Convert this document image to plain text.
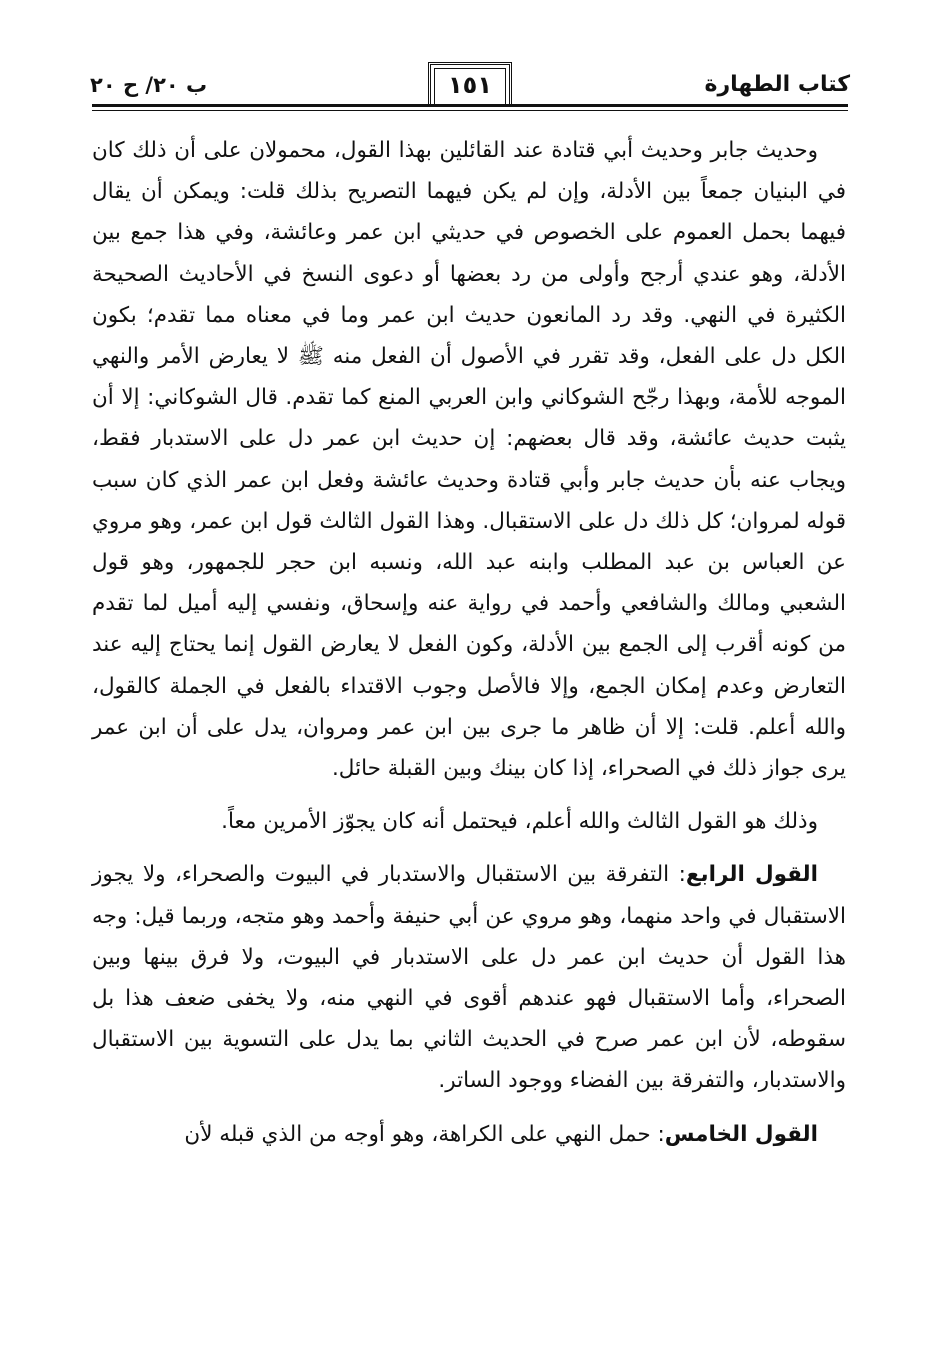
كتاب الطهارة
١٥١
ب ٢٠/ ح ٢٠

وحديث جابر وحديث أبي قتادة عند القائلين بهذا القول، محمولان على أن ذلك كان في البنيان جمعاً بين الأدلة، وإن لم يكن فيهما التصريح بذلك قلت: ويمكن أن يقال فيهما بحمل العموم على الخصوص في حديثي ابن عمر وعائشة، وفي هذا جمع بين الأدلة، وهو عندي أرجح وأولى من رد بعضها أو دعوى النسخ في الأحاديث الصحيحة الكثيرة في النهي. وقد رد المانعون حديث ابن عمر وما في معناه مما تقدم؛ بكون الكل دل على الفعل، وقد تقرر في الأصول أن الفعل منه ﷺ لا يعارض الأمر والنهي الموجه للأمة، وبهذا رجّح الشوكاني وابن العربي المنع كما تقدم. قال الشوكاني: إلا أن يثبت حديث عائشة، وقد قال بعضهم: إن حديث ابن عمر دل على الاستدبار فقط، ويجاب عنه بأن حديث جابر وأبي قتادة وحديث عائشة وفعل ابن عمر الذي كان سبب قوله لمروان؛ كل ذلك دل على الاستقبال. وهذا القول الثالث قول ابن عمر، وهو مروي عن العباس بن عبد المطلب وابنه عبد الله، ونسبه ابن حجر للجمهور، وهو قول الشعبي ومالك والشافعي وأحمد في رواية عنه وإسحاق، ونفسي إليه أميل لما تقدم من كونه أقرب إلى الجمع بين الأدلة، وكون الفعل لا يعارض القول إنما يحتاج إليه عند التعارض وعدم إمكان الجمع، وإلا فالأصل وجوب الاقتداء بالفعل في الجملة كالقول، والله أعلم. قلت: إلا أن ظاهر ما جرى بين ابن عمر ومروان، يدل على أن ابن عمر يرى جواز ذلك في الصحراء، إذا كان بينك وبين القبلة حائل.

وذلك هو القول الثالث والله أعلم، فيحتمل أنه كان يجوّز الأمرين معاً.

القول الرابع: التفرقة بين الاستقبال والاستدبار في البيوت والصحراء، ولا يجوز الاستقبال في واحد منهما، وهو مروي عن أبي حنيفة وأحمد وهو متجه، وربما قيل: وجه هذا القول أن حديث ابن عمر دل على الاستدبار في البيوت، ولا فرق بينها وبين الصحراء، وأما الاستقبال فهو عندهم أقوى في النهي منه، ولا يخفى ضعف هذا بل سقوطه، لأن ابن عمر صرح في الحديث الثاني بما يدل على التسوية بين الاستقبال والاستدبار، والتفرقة بين الفضاء ووجود الساتر.

القول الخامس: حمل النهي على الكراهة، وهو أوجه من الذي قبله لأن
